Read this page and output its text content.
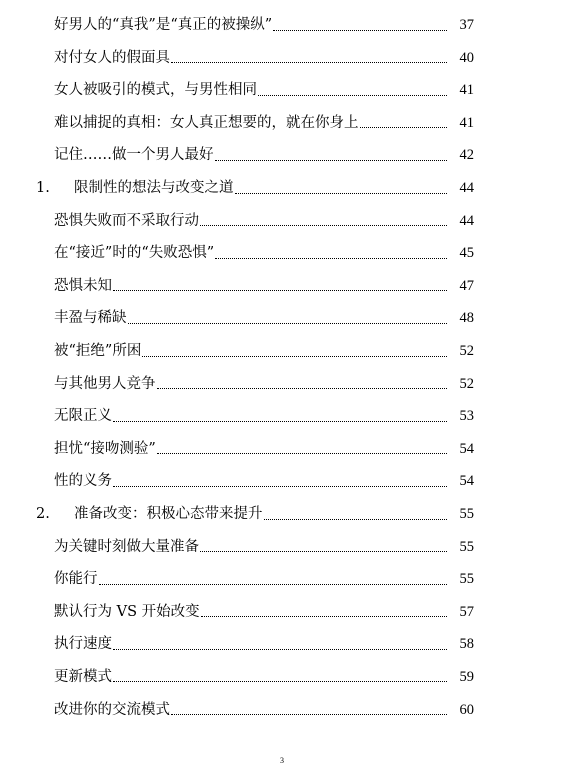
好男人的“真我”是“真正的被操纵”	37
对付女人的假面具	40
女人被吸引的模式，与男性相同	41
难以捕捉的真相：女人真正想要的，就在你身上	41
记住……做一个男人最好	42
1.	限制性的想法与改变之道	44
恐惧失败而不采取行动	44
在“接近”时的“失败恐惧”	45
恐惧未知	47
丰盈与稀缺	48
被“拒绝”所困	52
与其他男人竞争	52
无限正义	53
担忧“接吻测验”	54
性的义务	54
2.	准备改变：积极心态带来提升	55
为关键时刻做大量准备	55
你能行	55
默认行为 VS 开始改变	57
执行速度	58
更新模式	59
改进你的交流模式	60
3
